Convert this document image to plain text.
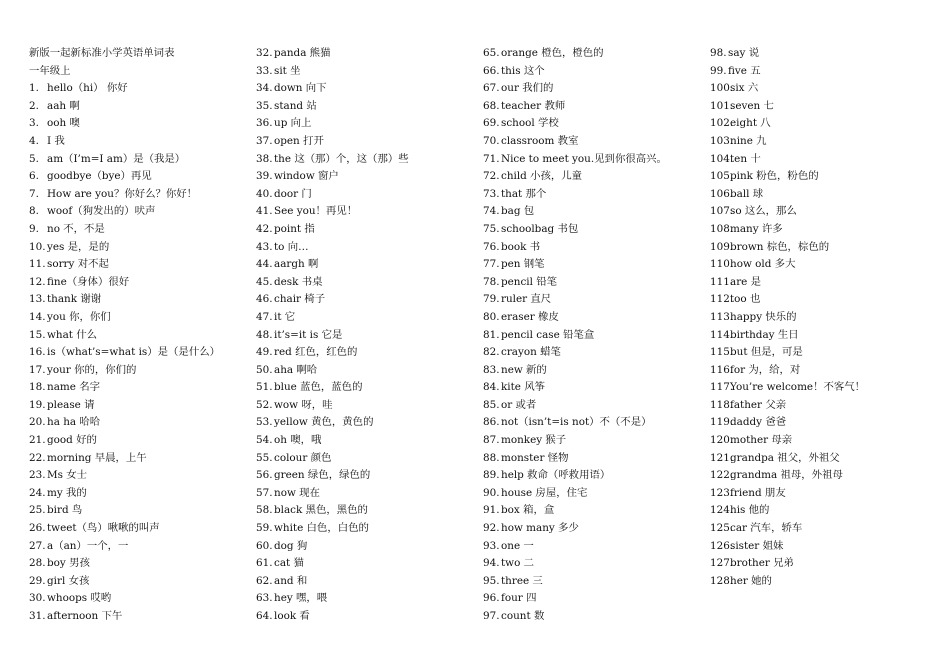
新版一起新标准小学英语单词表
一年级上
1. hello（hi） 你好
2. aah 啊
3. ooh 噢
4. I 我
5. am（I’m=I am）是（我是）
6. goodbye（bye）再见
7. How are you？你好么？你好！
8. woof（狗发出的）吠声
9. no 不，不是
10.yes 是，是的
11.sorry 对不起
12.fine（身体）很好
13.thank 谢谢
14.you 你，你们
15.what 什么
16.is（what’s=what is）是（是什么）
17.your 你的，你们的
18.name 名字
19.please 请
20.ha ha 哈哈
21.good 好的
22.morning 早晨，上午
23.Ms 女士
24.my 我的
25.bird 鸟
26.tweet（鸟）啾啾的叫声
27.a（an）一个，一
28.boy 男孩
29.girl 女孩
30.whoops 哎哟
31.afternoon 下午
32.panda 熊猫
33.sit 坐
34.down 向下
35.stand 站
36.up 向上
37.open 打开
38.the 这（那）个，这（那）些
39.window 窗户
40.door 门
41.See you！再见！
42.point 指
43.to 向…
44.aargh 啊
45.desk 书桌
46.chair 椅子
47.it 它
48.it’s=it is 它是
49.red 红色，红色的
50.aha 啊哈
51.blue 蓝色，蓝色的
52.wow 呀，哇
53.yellow 黄色，黄色的
54.oh 噢，哦
55.colour 颜色
56.green 绿色，绿色的
57.now 现在
58.black 黑色，黑色的
59.white 白色，白色的
60.dog 狗
61.cat 猫
62.and 和
63.hey 嘿，喂
64.look 看
65.orange 橙色，橙色的
66.this 这个
67.our 我们的
68.teacher 教师
69.school 学校
70.classroom 教室
71.Nice to meet you.见到你很高兴。
72.child 小孩，儿童
73.that 那个
74.bag 包
75.schoolbag 书包
76.book 书
77.pen 钢笔
78.pencil 铅笔
79.ruler 直尺
80.eraser 橡皮
81.pencil case 铅笔盒
82.crayon 蜡笔
83.new 新的
84.kite 风筝
85.or 或者
86.not（isn’t=is not）不（不是）
87.monkey 猴子
88.monster 怪物
89.help 救命（呼救用语）
90.house 房屋，住宅
91.box 箱，盒
92.how many 多少
93.one 一
94.two 二
95.three 三
96.four 四
97.count 数
98.say 说
99.five 五
100.six 六
101.seven 七
102.eight 八
103.nine 九
104.ten 十
105.pink 粉色，粉色的
106.ball 球
107.so 这么，那么
108.many 许多
109.brown 棕色，棕色的
110.how old 多大
111.are 是
112.too 也
113.happy 快乐的
114.birthday 生日
115.but 但是，可是
116.for 为，给，对
117.You’re welcome！不客气！
118.father 父亲
119.daddy 爸爸
120.mother 母亲
121.grandpa 祖父，外祖父
122.grandma 祖母，外祖母
123.friend 朋友
124.his 他的
125.car 汽车，轿车
126.sister 姐妹
127.brother 兄弟
128.her 她的
